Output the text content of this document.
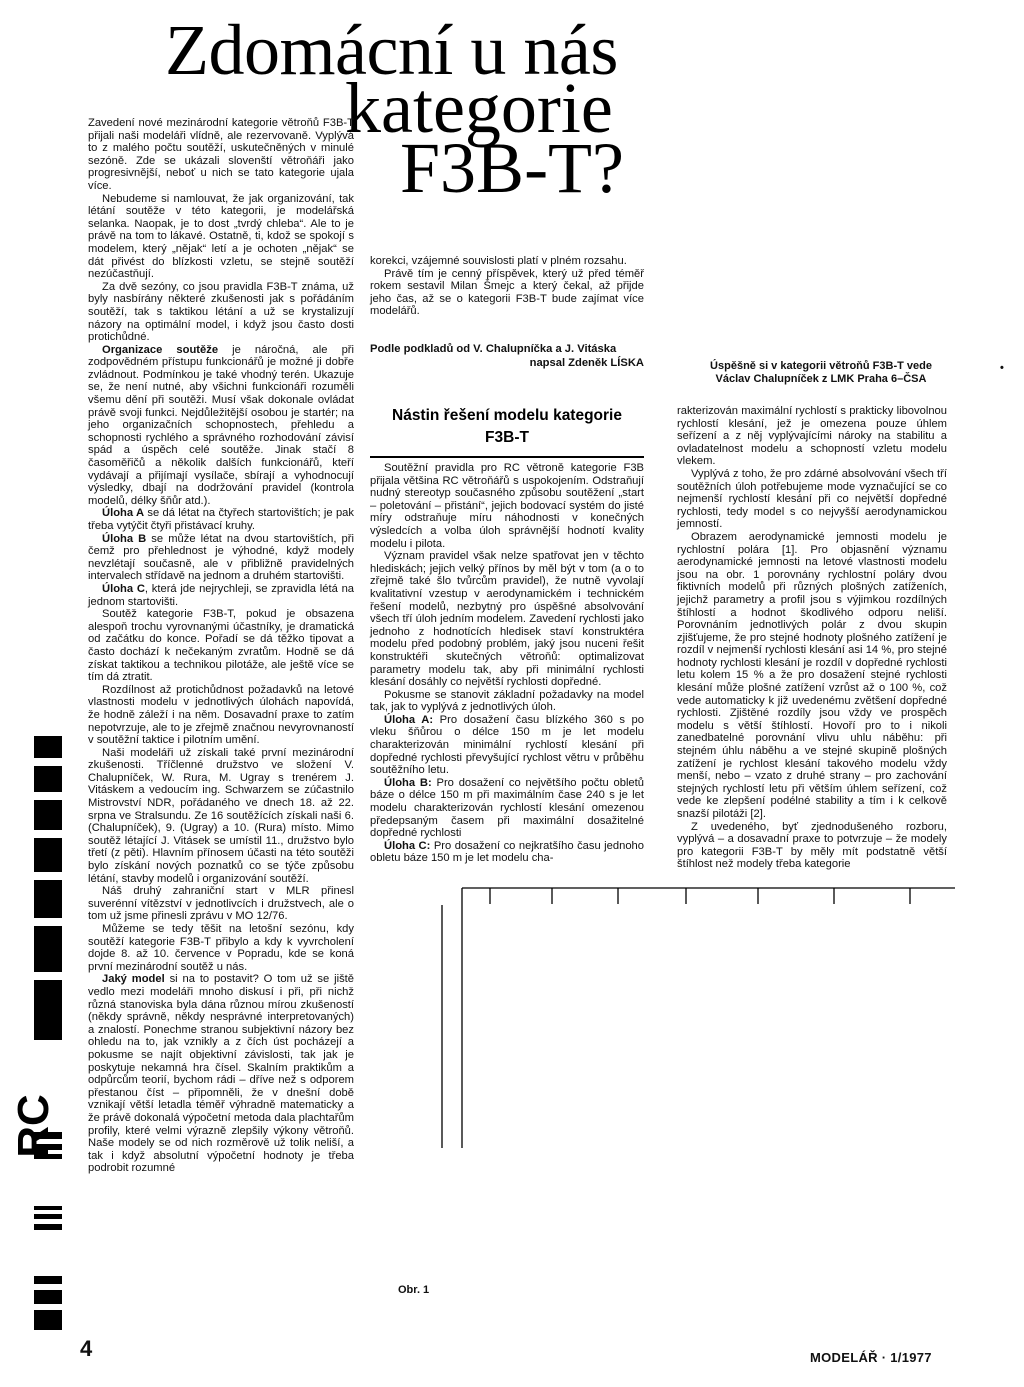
Zdomácní u nás
kategorie
F3B-T?

Zavedení nové mezinárodní kategorie větroňů F3B-T přijali naši modeláři vlídně, ale rezervovaně. Vyplývá to z malého počtu soutěží, uskutečněných v minulé sezóně. Zde se ukázali slovenští větroňáři jako progresivnější, neboť u nich se tato kategorie ujala více.

Nebudeme si namlouvat, že jak organizování, tak létání soutěže v této kategorii, je modelářská selanka. Naopak, je to dost „tvrdý chleba“. Ale to je právě na tom to lákavé. Ostatně, ti, kdož se spokojí s modelem, který „nějak“ letí a je ochoten „nějak“ se dát přivést do blízkosti vzletu, se stejně soutěží nezúčastňují.

Za dvě sezóny, co jsou pravidla F3B-T známa, už byly nasbírány některé zkušenosti jak s pořádáním soutěží, tak s taktikou létání a už se krystalizují názory na optimální model, i když jsou často dosti protichůdné.

Organizace soutěže je náročná, ale při zodpovědném přístupu funkcionářů je možné ji dobře zvládnout. Podmínkou je také vhodný terén. Ukazuje se, že není nutné, aby všichni funkcionáři rozuměli všemu dění při soutěži. Musí však dokonale ovládat právě svoji funkci. Nejdůležitější osobou je startér; na jeho organizačních schopnostech, přehledu a schopnosti rychlého a správného rozhodování závisí spád a úspěch celé soutěže. Jinak stačí 8 časoměřičů a několik dalších funkcionářů, kteří vydávají a přijímají vysílače, sbírají a vyhodnocují výsledky, dbají na dodržování pravidel (kontrola modelů, délky šňůr atd.).

Úloha A se dá létat na čtyřech startovištích; je pak třeba vytýčit čtyři přistávací kruhy.

Úloha B se může létat na dvou startovištích, při čemž pro přehlednost je výhodné, když modely nevzlétají současně, ale v přibližně pravidelných intervalech střídavě na jednom a druhém startovišti.

Úloha C, která jde nejrychleji, se zpravidla létá na jednom startovišti.

Soutěž kategorie F3B-T, pokud je obsazena alespoň trochu vyrovnanými účastníky, je dramatická od začátku do konce. Pořadí se dá těžko tipovat a často dochází k nečekaným zvratům. Hodně se dá získat taktikou a technikou pilotáže, ale ještě více se tím dá ztratit.

Rozdílnost až protichůdnost požadavků na letové vlastnosti modelu v jednotlivých úlohách napovídá, že hodně záleží i na něm. Dosavadní praxe to zatím nepotvrzuje, ale to je zřejmě značnou nevyrovnaností v soutěžní taktice i pilotním umění.

Naši modeláři už získali také první mezinárodní zkušenosti. Tříčlenné družstvo ve složení V. Chalupníček, W. Rura, M. Ugray s trenérem J. Vitáskem a vedoucím ing. Schwarzem se zúčastnilo Mistrovství NDR, pořádaného ve dnech 18. až 22. srpna ve Stralsundu. Ze 16 soutěžících získali naši 6. (Chalupníček), 9. (Ugray) a 10. (Rura) místo. Mimo soutěž létající J. Vitásek se umístil 11., družstvo bylo třetí (z pěti). Hlavním přínosem účasti na této soutěži bylo získání nových poznatků co se týče způsobu létání, stavby modelů i organizování soutěží.

Náš druhý zahraniční start v MLR přinesl suverénní vítězství v jednotlivcích i družstvech, ale o tom už jsme přinesli zprávu v MO 12/76.

Můžeme se tedy těšit na letošní sezónu, kdy soutěží kategorie F3B-T přibylo a kdy k vyvrcholení dojde 8. až 10. července v Popradu, kde se koná první mezinárodní soutěž u nás.

Jaký model si na to postavit? O tom už se jiště vedlo mezi modeláři mnoho diskusí i při, při nichž různá stanoviska byla dána různou mírou zkušeností (někdy správně, někdy nesprávné interpretovaných) a znalostí. Ponechme stranou subjektivní názory bez ohledu na to, jak vznikly a z čích úst pocházejí a pokusme se najít objektivní závislosti, tak jak je poskytuje nekamná hra čísel. Skalním praktikům a odpůrcům teorií, bychom rádi – dříve než s odporem přestanou číst – připomněli, že v dnešní době vznikají větší letadla téměř výhradně matematicky a že právě dokonalá výpočetní metoda dala plachtařům profily, které velmi výrazně zlepšily výkony větroňů. Naše modely se od nich rozměrově už tolik neliší, a tak i když absolutní výpočetní hodnoty je třeba podrobit rozumné

korekci, vzájemné souvislosti platí v plném rozsahu.

Právě tím je cenný příspěvek, který už před téměř rokem sestavil Milan Šmejc a který čekal, až přijde jeho čas, až se o kategorii F3B-T bude zajímat více modelářů.

Podle podkladů od V. Chalupníčka a J. Vitáska
napsal Zdeněk LÍSKA	Úspěšně si v kategorii větroňů F3B-T vede
Václav Chalupníček z LMK Praha 6–ČSA
•
Nástin řešení modelu kategorie
F3B-T

Soutěžní pravidla pro RC větroně kategorie F3B přijala většina RC větroňářů s uspokojením. Odstraňují nudný stereotyp současného způsobu soutěžení „start – poletování – přistání“, jejich bodovací systém do jisté míry odstraňuje míru náhodnosti v konečných výsledcích a volba úloh správnější hodnotí kvality modelu i pilota.

Význam pravidel však nelze spatřovat jen v těchto hlediskách; jejich velký přínos by měl být v tom (a o to zřejmě také šlo tvůrcům pravidel), že nutně vyvolají kvalitativní vzestup v aerodynamickém i technickém řešení modelů, nezbytný pro úspěšné absolvování všech tří úloh jedním modelem. Zavedení rychlosti jako jednoho z hodnotících hledisek staví konstruktéra modelu před podobný problém, jaký jsou nuceni řešit konstruktéři skutečných větroňů: optimalizovat parametry modelu tak, aby při minimální rychlosti klesání dosáhly co největší rychlosti dopředné.

Pokusme se stanovit základní požadavky na model tak, jak to vyplývá z jednotlivých úloh.

Úloha A: Pro dosažení času blízkého 360 s po vleku šňůrou o délce 150 m je let modelu charakterizován minimální rychlostí klesání při dopředné rychlosti převyšující rychlost větru v průběhu soutěžního letu.

Úloha B: Pro dosažení co největšího počtu obletů báze o délce 150 m při maximálním čase 240 s je let modelu charakterizován rychlostí klesání omezenou předepsaným časem při maximální dosažitelné dopředné rychlosti

Úloha C: Pro dosažení co nejkratšího času jednoho obletu báze 150 m je let modelu cha-

rakterizován maximální rychlostí s prakticky libovolnou rychlostí klesání, jež je omezena pouze úhlem seřízení a z něj vyplývajícími nároky na stabilitu a ovladatelnost modelu a schopností vzletu modelu vlekem.

Vyplývá z toho, že pro zdárné absolvování všech tří soutěžních úloh potřebujeme mode vyznačující se co nejmenší rychlostí klesání při co největší dopředné rychlosti, tedy model s co nejvyšší aerodynamickou jemností.

Obrazem aerodynamické jemnosti modelu je rychlostní polára [1]. Pro objasnění významu aerodynamické jemnosti na letové vlastnosti modelu jsou na obr. 1 porovnány rychlostní poláry dvou fiktivních modelů při různých plošných zatíženích, jejichž parametry a profil jsou s výjimkou rozdílných štíhlostí a hodnot škodlivého odporu neliší. Porovnáním jednotlivých polár z dvou skupin zjišťujeme, že pro stejné hodnoty plošného zatížení je rozdíl v nejmenší rychlosti klesání asi 14 %, pro stejné hodnoty rychlosti klesání je rozdíl v dopředné rychlosti letu kolem 15 % a že pro dosažení stejné rychlosti klesání může plošné zatížení vzrůst až o 100 %, což vede automaticky k již uvedenému zvětšení dopředné rychlosti. Zjištěné rozdíly jsou vždy ve prospěch modelu s větší štíhlostí. Hovoří pro to i nikoli zanedbatelné porovnání vlivu uhlu náběhu: při stejném úhlu náběhu a ve stejné skupině plošných zatížení je rychlost klesání takového modelu vždy menší, nebo – vzato z druhé strany – pro zachování stejných rychlostí letu při větším úhlem seřízení, což vede ke zlepšení podélné stability a tím i k celkově snazší pilotáži [2].

Z uvedeného, byť zjednodušeného rozboru, vyplývá – a dosavadní praxe to potvrzuje – že modely pro kategorii F3B-T by měly mít podstatně větší štíhlost než modely třeba kategorie

Obr. 1
RC
4	MODELÁŘ · 1/1977
